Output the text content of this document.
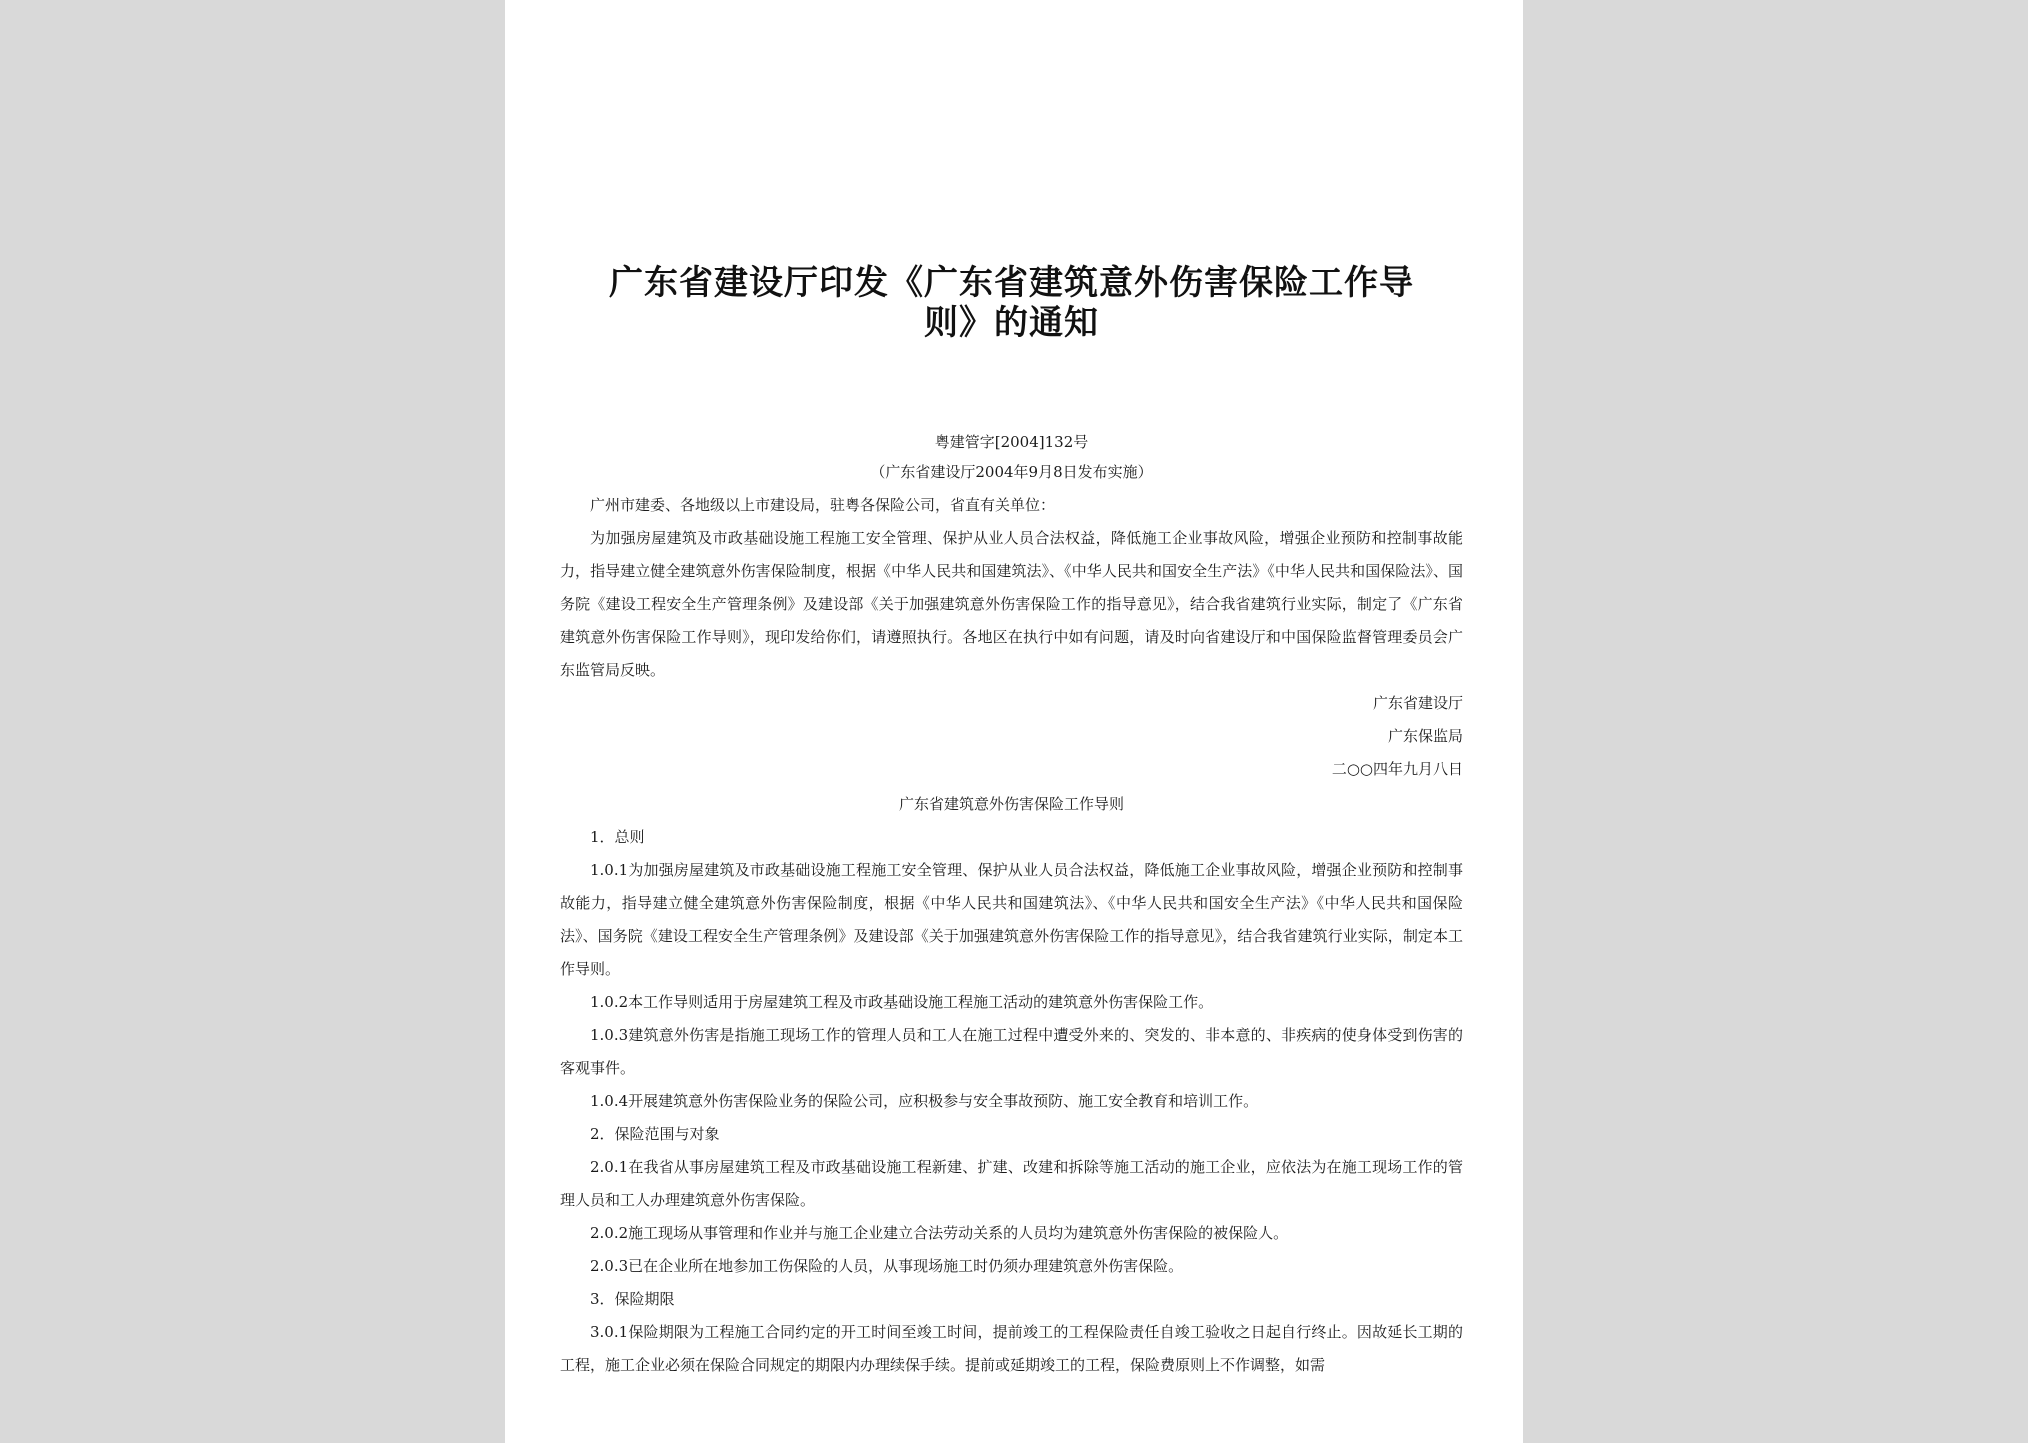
广东省建设厅印发《广东省建筑意外伤害保险工作导
则》的通知
粤建管字[2004]132号
（广东省建设厅2004年9月8日发布实施）
广州市建委、各地级以上市建设局，驻粤各保险公司，省直有关单位：

为加强房屋建筑及市政基础设施工程施工安全管理、保护从业人员合法权益，降低施工企业事故风险，增强企业预防和控制事故能力，指导建立健全建筑意外伤害保险制度，根据《中华人民共和国建筑法》、《中华人民共和国安全生产法》《中华人民共和国保险法》、国务院《建设工程安全生产管理条例》及建设部《关于加强建筑意外伤害保险工作的指导意见》，结合我省建筑行业实际，制定了《广东省建筑意外伤害保险工作导则》，现印发给你们，请遵照执行。各地区在执行中如有问题，请及时向省建设厅和中国保险监督管理委员会广东监管局反映。

广东省建设厅
广东保监局
二○○四年九月八日
广东省建筑意外伤害保险工作导则
1．总则

1.0.1为加强房屋建筑及市政基础设施工程施工安全管理、保护从业人员合法权益，降低施工企业事故风险，增强企业预防和控制事故能力，指导建立健全建筑意外伤害保险制度，根据《中华人民共和国建筑法》、《中华人民共和国安全生产法》《中华人民共和国保险法》、国务院《建设工程安全生产管理条例》及建设部《关于加强建筑意外伤害保险工作的指导意见》，结合我省建筑行业实际，制定本工作导则。

1.0.2本工作导则适用于房屋建筑工程及市政基础设施工程施工活动的建筑意外伤害保险工作。

1.0.3建筑意外伤害是指施工现场工作的管理人员和工人在施工过程中遭受外来的、突发的、非本意的、非疾病的使身体受到伤害的客观事件。

1.0.4开展建筑意外伤害保险业务的保险公司，应积极参与安全事故预防、施工安全教育和培训工作。

2．保险范围与对象

2.0.1在我省从事房屋建筑工程及市政基础设施工程新建、扩建、改建和拆除等施工活动的施工企业，应依法为在施工现场工作的管理人员和工人办理建筑意外伤害保险。

2.0.2施工现场从事管理和作业并与施工企业建立合法劳动关系的人员均为建筑意外伤害保险的被保险人。

2.0.3已在企业所在地参加工伤保险的人员，从事现场施工时仍须办理建筑意外伤害保险。

3．保险期限

3.0.1保险期限为工程施工合同约定的开工时间至竣工时间，提前竣工的工程保险责任自竣工验收之日起自行终止。因故延长工期的工程，施工企业必须在保险合同规定的期限内办理续保手续。提前或延期竣工的工程，保险费原则上不作调整，如需
